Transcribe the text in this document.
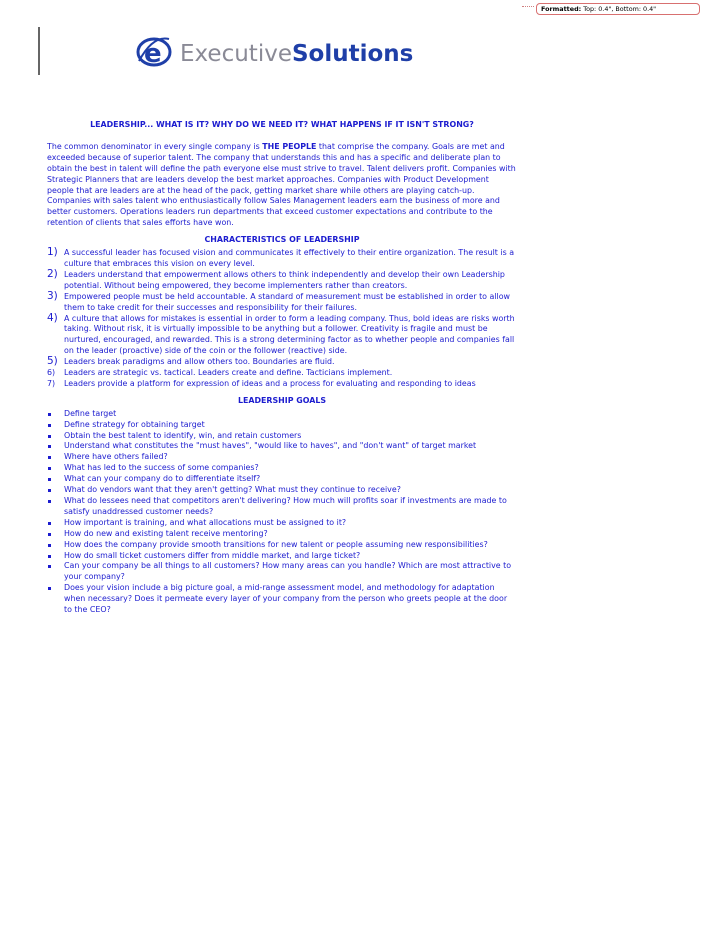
Formatted: Top: 0.4", Bottom: 0.4"
e ExecutiveSolutions

LEADERSHIP... WHAT IS IT? WHY DO WE NEED IT? WHAT HAPPENS IF IT ISN'T STRONG?

The common denominator in every single company is THE PEOPLE that comprise the company. Goals are met and exceeded because of superior talent. The company that understands this and has a specific and deliberate plan to obtain the best in talent will define the path everyone else must strive to travel. Talent delivers profit. Companies with Strategic Planners that are leaders develop the best market approaches. Companies with Product Development people that are leaders are at the head of the pack, getting market share while others are playing catch-up. Companies with sales talent who enthusiastically follow Sales Management leaders earn the business of more and better customers. Operations leaders run departments that exceed customer expectations and contribute to the retention of clients that sales efforts have won.

CHARACTERISTICS OF LEADERSHIP

1) A successful leader has focused vision and communicates it effectively to their entire organization. The result is a culture that embraces this vision on every level.
2) Leaders understand that empowerment allows others to think independently and develop their own Leadership potential. Without being empowered, they become implementers rather than creators.
3) Empowered people must be held accountable. A standard of measurement must be established in order to allow them to take credit for their successes and responsibility for their failures.
4) A culture that allows for mistakes is essential in order to form a leading company. Thus, bold ideas are risks worth taking. Without risk, it is virtually impossible to be anything but a follower. Creativity is fragile and must be nurtured, encouraged, and rewarded. This is a strong determining factor as to whether people and companies fall on the leader (proactive) side of the coin or the follower (reactive) side.
5) Leaders break paradigms and allow others too. Boundaries are fluid.
6) Leaders are strategic vs. tactical. Leaders create and define. Tacticians implement.
7) Leaders provide a platform for expression of ideas and a process for evaluating and responding to ideas

LEADERSHIP GOALS

Define target
Define strategy for obtaining target
Obtain the best talent to identify, win, and retain customers
Understand what constitutes the "must haves", "would like to haves", and "don't want" of target market
Where have others failed?
What has led to the success of some companies?
What can your company do to differentiate itself?
What do vendors want that they aren't getting? What must they continue to receive?
What do lessees need that competitors aren't delivering? How much will profits soar if investments are made to satisfy unaddressed customer needs?
How important is training, and what allocations must be assigned to it?
How do new and existing talent receive mentoring?
How does the company provide smooth transitions for new talent or people assuming new responsibilities?
How do small ticket customers differ from middle market, and large ticket?
Can your company be all things to all customers? How many areas can you handle? Which are most attractive to your company?
Does your vision include a big picture goal, a mid-range assessment model, and methodology for adaptation when necessary? Does it permeate every layer of your company from the person who greets people at the door to the CEO?
